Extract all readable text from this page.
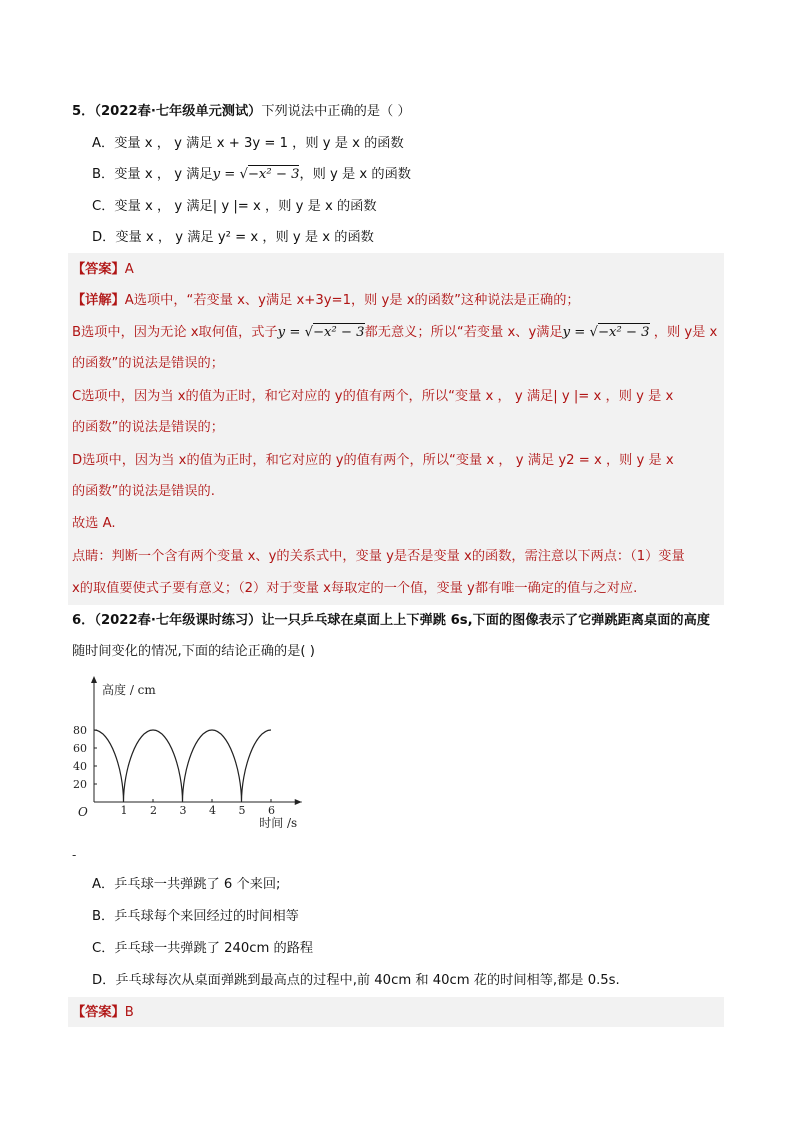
5．（2022春·七年级单元测试）下列说法中正确的是（ ）
A．变量 x ， y 满足 x + 3y = 1 ，则 y 是 x 的函数
B．变量 x ， y 满足y = √−x² − 3，则 y 是 x 的函数
C．变量 x ， y 满足| y |= x ，则 y 是 x 的函数
D．变量 x ， y 满足 y² = x ，则 y 是 x 的函数
【答案】A
【详解】A选项中，“若变量 x、y满足 x+3y=1，则 y是 x的函数”这种说法是正确的；
B选项中，因为无论 x取何值，式子y = √−x² − 3都无意义；所以“若变量 x、y满足y = √−x² − 3 ，则 y是 x
的函数”的说法是错误的；
C选项中，因为当 x的值为正时，和它对应的 y的值有两个，所以“变量 x ， y 满足| y |= x ，则 y 是 x
的函数”的说法是错误的；
D选项中，因为当 x的值为正时，和它对应的 y的值有两个，所以“变量 x ， y 满足 y2 = x ，则 y 是 x
的函数”的说法是错误的.
故选 A.
点睛：判断一个含有两个变量 x、y的关系式中，变量 y是否是变量 x的函数，需注意以下两点：（1）变量
x的取值要使式子要有意义；（2）对于变量 x每取定的一个值，变量 y都有唯一确定的值与之对应.
6．（2022春·七年级课时练习）让一只乒乓球在桌面上上下弹跳 6s,下面的图像表示了它弹跳距离桌面的高度
随时间变化的情况,下面的结论正确的是( )
高度 / cm
时间 /s
O	1 2 3 4 5 6
20
40
60
80
-
A．乒乓球一共弹跳了 6 个来回;
B．乒乓球每个来回经过的时间相等
C．乒乓球一共弹跳了 240cm 的路程
D．乒乓球每次从桌面弹跳到最高点的过程中,前 40cm 和 40cm 花的时间相等,都是 0.5s.
【答案】B
